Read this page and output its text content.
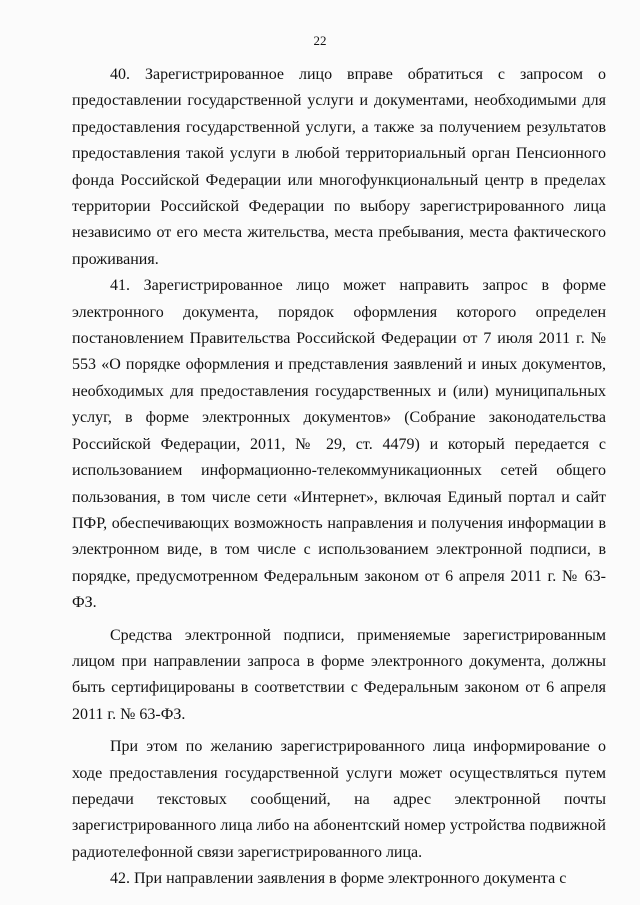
22

40. Зарегистрированное лицо вправе обратиться с запросом о предоставлении государственной услуги и документами, необходимыми для предоставления государственной услуги, а также за получением результатов предоставления такой услуги в любой территориальный орган Пенсионного фонда Российской Федерации или многофункциональный центр в пределах территории Российской Федерации по выбору зарегистрированного лица независимо от его места жительства, места пребывания, места фактического проживания.

41. Зарегистрированное лицо может направить запрос в форме электронного документа, порядок оформления которого определен постановлением Правительства Российской Федерации от 7 июля 2011 г. № 553 «О порядке оформления и представления заявлений и иных документов, необходимых для предоставления государственных и (или) муниципальных услуг, в форме электронных документов» (Собрание законодательства Российской Федерации, 2011, № 29, ст. 4479) и который передается с использованием информационно-телекоммуникационных сетей общего пользования, в том числе сети «Интернет», включая Единый портал и сайт ПФР, обеспечивающих возможность направления и получения информации в электронном виде, в том числе с использованием электронной подписи, в порядке, предусмотренном Федеральным законом от 6 апреля 2011 г. № 63-ФЗ.

Средства электронной подписи, применяемые зарегистрированным лицом при направлении запроса в форме электронного документа, должны быть сертифицированы в соответствии с Федеральным законом от 6 апреля 2011 г. № 63-ФЗ.

При этом по желанию зарегистрированного лица информирование о ходе предоставления государственной услуги может осуществляться путем передачи текстовых сообщений, на адрес электронной почты зарегистрированного лица либо на абонентский номер устройства подвижной радиотелефонной связи зарегистрированного лица.

42. При направлении заявления в форме электронного документа с
